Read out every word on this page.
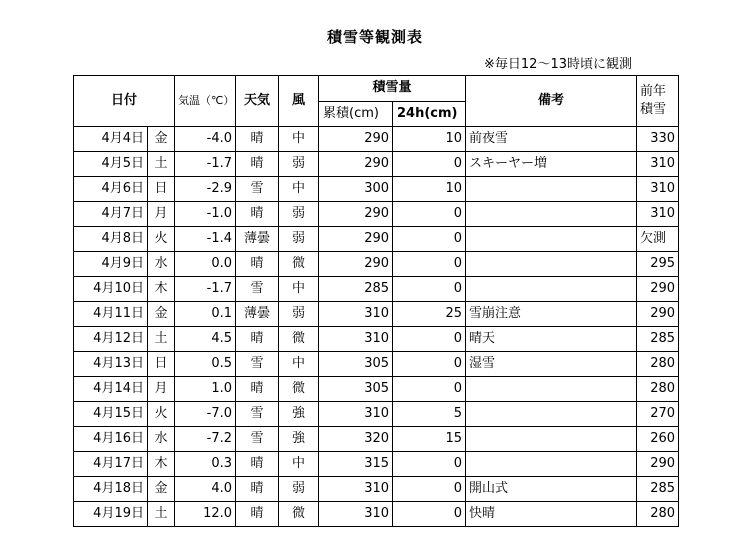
積雪等観測表
※毎日12～13時頃に観測
日付		気温（℃）	天気	風	積雪量		備考	前年
積雪
					累積(cm)	24h(cm)		
4月4日	金	-4.0	晴	中	290	10	前夜雪	330
4月5日	土	-1.7	晴	弱	290	0	スキーヤー増	310
4月6日	日	-2.9	雪	中	300	10		310
4月7日	月	-1.0	晴	弱	290	0		310
4月8日	火	-1.4	薄曇	弱	290	0		欠測
4月9日	水	0.0	晴	微	290	0		295
4月10日	木	-1.7	雪	中	285	0		290
4月11日	金	0.1	薄曇	弱	310	25	雪崩注意	290
4月12日	土	4.5	晴	微	310	0	晴天	285
4月13日	日	0.5	雪	中	305	0	湿雪	280
4月14日	月	1.0	晴	微	305	0		280
4月15日	火	-7.0	雪	強	310	5		270
4月16日	水	-7.2	雪	強	320	15		260
4月17日	木	0.3	晴	中	315	0		290
4月18日	金	4.0	晴	弱	310	0	開山式	285
4月19日	土	12.0	晴	微	310	0	快晴	280
